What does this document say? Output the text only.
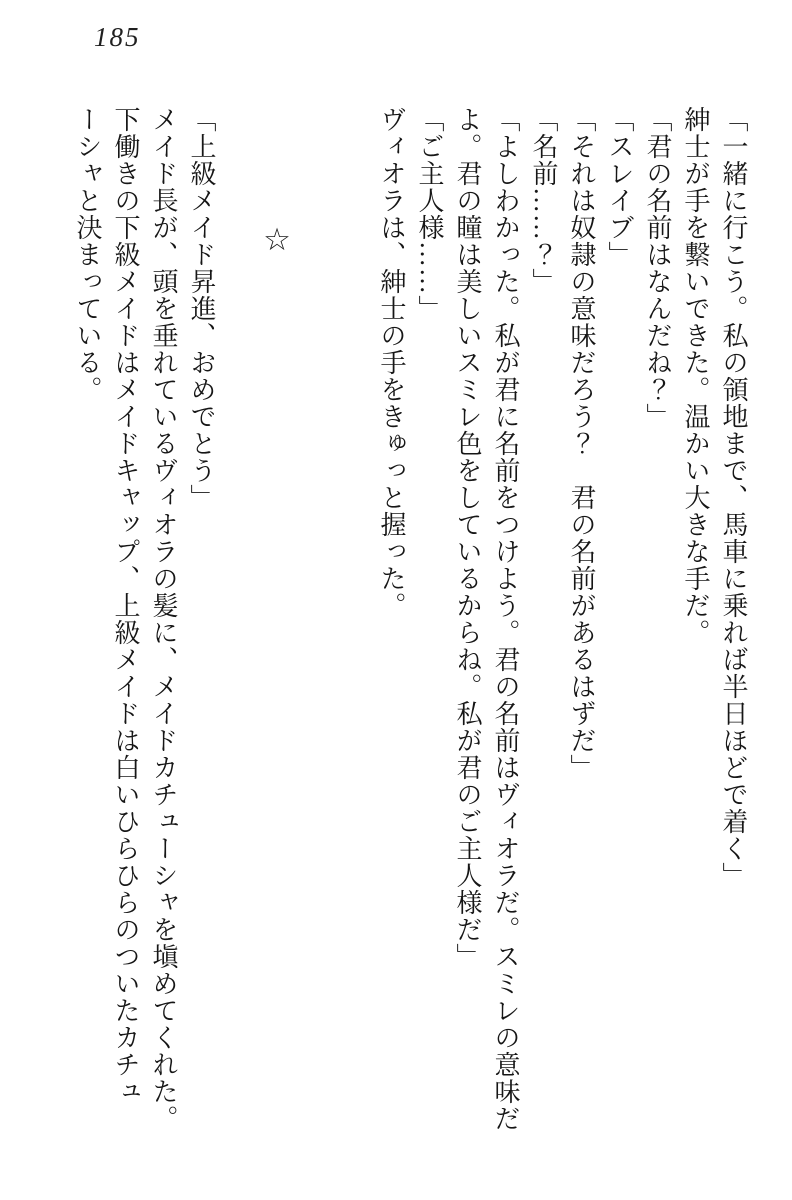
185
「一緒に行こう。私の領地まで、馬車に乗れば半日ほどで着く」
紳士が手を繋いできた。温かい大きな手だ。
「君の名前はなんだね？」
「スレイブ」
「それは奴隷の意味だろう？　君の名前があるはずだ」
「名前……？」
「よしわかった。私が君に名前をつけよう。君の名前はヴィオラだ。スミレの意味だ
よ。君の瞳は美しいスミレ色をしているからね。私が君のご主人様だ」
「ご主人様……」
ヴィオラは、紳士の手をきゅっと握った。
☆
「上級メイド昇進、おめでとう」
メイド長が、頭を垂れているヴィオラの髪に、メイドカチューシャを塡めてくれた。
下働きの下級メイドはメイドキャップ、上級メイドは白いひらひらのついたカチュ
ーシャと決まっている。
